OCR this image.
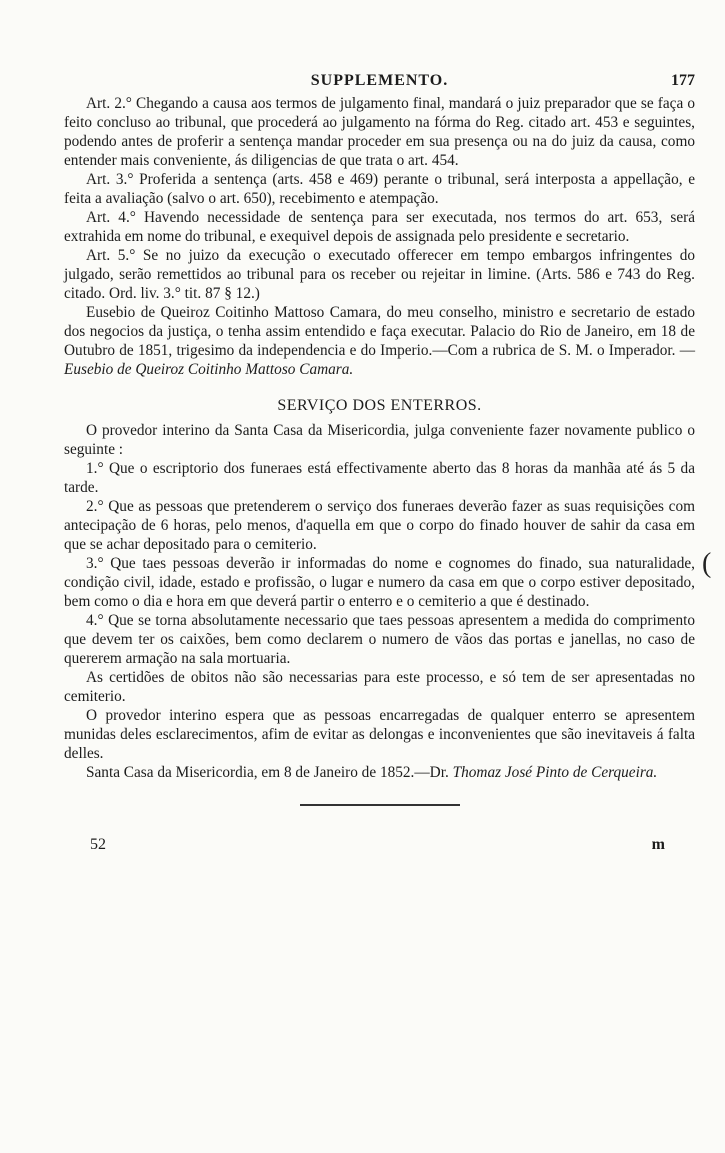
SUPPLEMENTO.	177

Art. 2.° Chegando a causa aos termos de julgamento final, mandará o juiz preparador que se faça o feito concluso ao tribunal, que procederá ao julgamento na fórma do Reg. citado art. 453 e seguintes, podendo antes de proferir a sentença mandar proceder em sua presença ou na do juiz da causa, como entender mais conveniente, ás diligencias de que trata o art. 454.

Art. 3.° Proferida a sentença (arts. 458 e 469) perante o tribunal, será interposta a appellação, e feita a avaliação (salvo o art. 650), recebimento e atempação.

Art. 4.° Havendo necessidade de sentença para ser executada, nos termos do art. 653, será extrahida em nome do tribunal, e exequivel depois de assignada pelo presidente e secretario.

Art. 5.° Se no juizo da execução o executado offerecer em tempo embargos infringentes do julgado, serão remettidos ao tribunal para os receber ou rejeitar in limine. (Arts. 586 e 743 do Reg. citado. Ord. liv. 3.° tit. 87 § 12.)

Eusebio de Queiroz Coitinho Mattoso Camara, do meu conselho, ministro e secretario de estado dos negocios da justiça, o tenha assim entendido e faça executar. Palacio do Rio de Janeiro, em 18 de Outubro de 1851, trigesimo da independencia e do Imperio.—Com a rubrica de S. M. o Imperador. — Eusebio de Queiroz Coitinho Mattoso Camara.

SERVIÇO DOS ENTERROS.

O provedor interino da Santa Casa da Misericordia, julga conveniente fazer novamente publico o seguinte :

1.° Que o escriptorio dos funeraes está effectivamente aberto das 8 horas da manhãa até ás 5 da tarde.

2.° Que as pessoas que pretenderem o serviço dos funeraes deverão fazer as suas requisições com antecipação de 6 horas, pelo menos, d'aquella em que o corpo do finado houver de sahir da casa em que se achar depositado para o cemiterio.

3.° Que taes pessoas deverão ir informadas do nome e cognomes do finado, sua naturalidade, condição civil, idade, estado e profissão, o lugar e numero da casa em que o corpo estiver depositado, bem como o dia e hora em que deverá partir o enterro e o cemiterio a que é destinado.

4.° Que se torna absolutamente necessario que taes pessoas apresentem a medida do comprimento que devem ter os caixões, bem como declarem o numero de vãos das portas e janellas, no caso de quererem armação na sala mortuaria.

As certidões de obitos não são necessarias para este processo, e só tem de ser apresentadas no cemiterio.

O provedor interino espera que as pessoas encarregadas de qualquer enterro se apresentem munidas deles esclarecimentos, afim de evitar as delongas e inconvenientes que são inevitaveis á falta delles.

Santa Casa da Misericordia, em 8 de Janeiro de 1852.—Dr. Thomaz José Pinto de Cerqueira.

52	m
(
